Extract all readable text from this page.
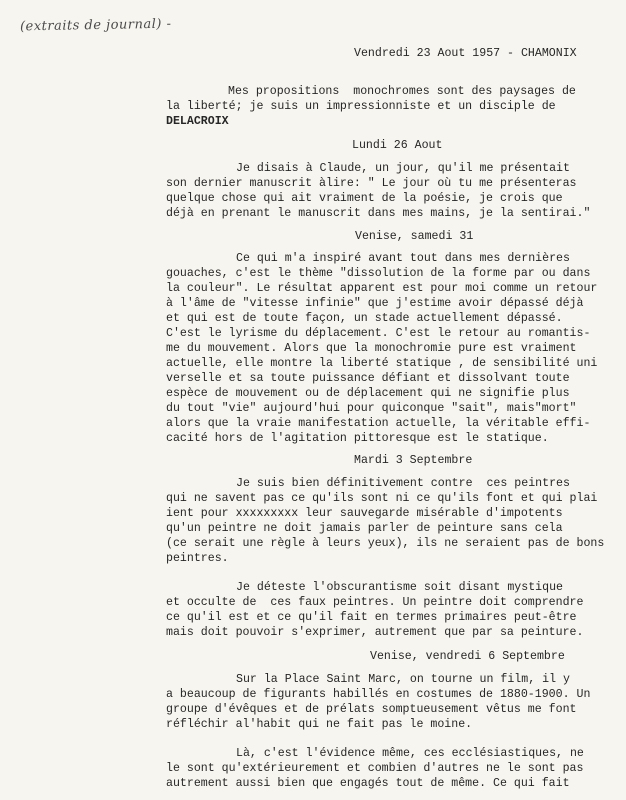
(extraits de journal) -
Vendredi 23 Aout 1957 - CHAMONIX
Mes propositions  monochromes sont des paysages de
la liberté; je suis un impressionniste et un disciple de
DELACROIX
Lundi 26 Aout
Je disais à Claude, un jour, qu'il me présentait
son dernier manuscrit àlire: " Le jour où tu me présenteras
quelque chose qui ait vraiment de la poésie, je crois que
déjà en prenant le manuscrit dans mes mains, je la sentirai."
Venise, samedi 31
Ce qui m'a inspiré avant tout dans mes dernières
gouaches, c'est le thème "dissolution de la forme par ou dans
la couleur". Le résultat apparent est pour moi comme un retour
à l'âme de "vitesse infinie" que j'estime avoir dépassé déjà
et qui est de toute façon, un stade actuellement dépassé.
C'est le lyrisme du déplacement. C'est le retour au romantis-
me du mouvement. Alors que la monochromie pure est vraiment
actuelle, elle montre la liberté statique , de sensibilité uni
verselle et sa toute puissance défiant et dissolvant toute
espèce de mouvement ou de déplacement qui ne signifie plus
du tout "vie" aujourd'hui pour quiconque "sait", mais"mort"
alors que la vraie manifestation actuelle, la véritable effi-
cacité hors de l'agitation pittoresque est le statique.
Mardi 3 Septembre
Je suis bien définitivement contre  ces peintres
qui ne savent pas ce qu'ils sont ni ce qu'ils font et qui plai
ient pour xxxxxxxxx leur sauvegarde misérable d'impotents
qu'un peintre ne doit jamais parler de peinture sans cela
(ce serait une règle à leurs yeux), ils ne seraient pas de bons
peintres.
Je déteste l'obscurantisme soit disant mystique
et occulte de  ces faux peintres. Un peintre doit comprendre
ce qu'il est et ce qu'il fait en termes primaires peut-être
mais doit pouvoir s'exprimer, autrement que par sa peinture.
Venise, vendredi 6 Septembre
Sur la Place Saint Marc, on tourne un film, il y
a beaucoup de figurants habillés en costumes de 1880-1900. Un
groupe d'évêques et de prélats somptueusement vêtus me font
réfléchir al'habit qui ne fait pas le moine.
Là, c'est l'évidence même, ces ecclésiastiques, ne
le sont qu'extérieurement et combien d'autres ne le sont pas
autrement aussi bien que engagés tout de même. Ce qui fait
